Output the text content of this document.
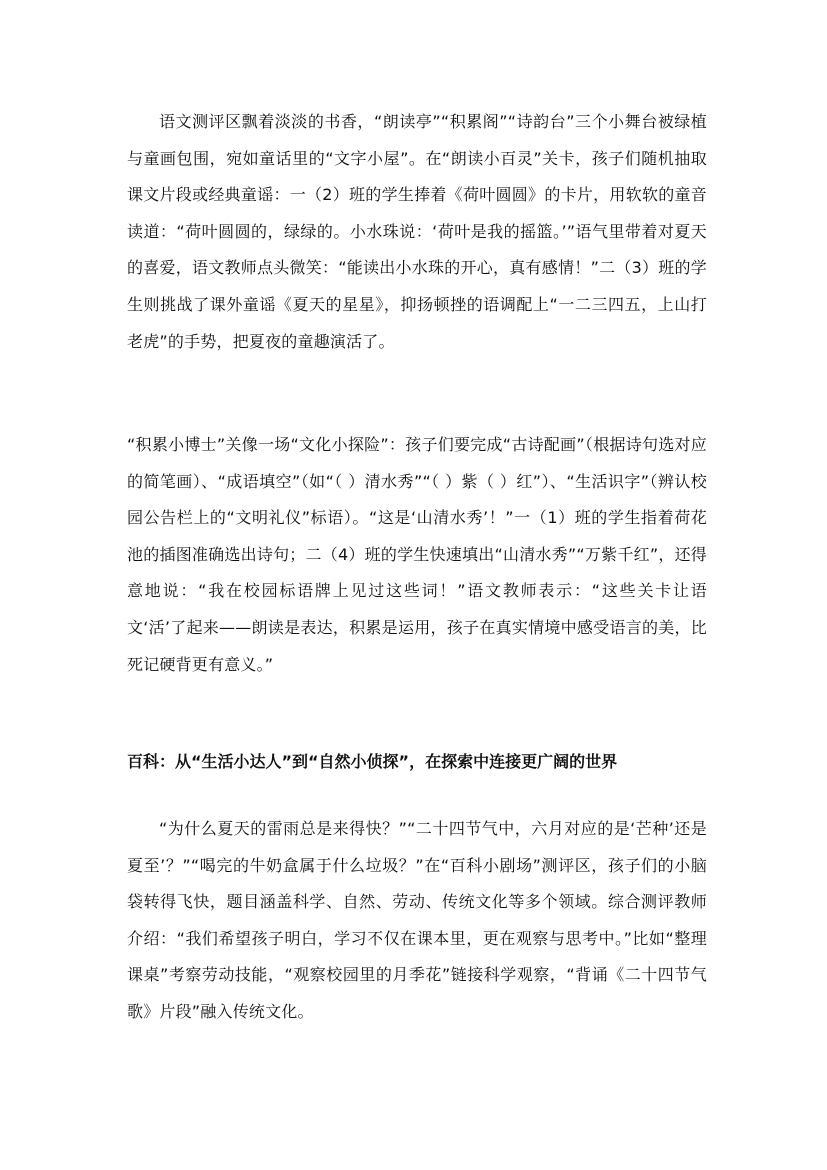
语文测评区飘着淡淡的书香，“朗读亭”“积累阁”“诗韵台”三个小舞台被绿植与童画包围，宛如童话里的“文字小屋”。在“朗读小百灵”关卡，孩子们随机抽取课文片段或经典童谣：一（2）班的学生捧着《荷叶圆圆》的卡片，用软软的童音读道：“荷叶圆圆的，绿绿的。小水珠说：‘荷叶是我的摇篮。’”语气里带着对夏天的喜爱，语文教师点头微笑：“能读出小水珠的开心，真有感情！”二（3）班的学生则挑战了课外童谣《夏天的星星》，抑扬顿挫的语调配上“一二三四五，上山打老虎”的手势，把夏夜的童趣演活了。

“积累小博士”关像一场“文化小探险”：孩子们要完成“古诗配画”（根据诗句选对应的简笔画）、“成语填空”（如“（ ）清水秀”“（ ）紫（ ）红”）、“生活识字”（辨认校园公告栏上的“文明礼仪”标语）。“这是‘山清水秀’！”一（1）班的学生指着荷花池的插图准确选出诗句；二（4）班的学生快速填出“山清水秀”“万紫千红”，还得意地说：“我在校园标语牌上见过这些词！”语文教师表示：“这些关卡让语文‘活’了起来——朗读是表达，积累是运用，孩子在真实情境中感受语言的美，比死记硬背更有意义。”

百科：从“生活小达人”到“自然小侦探”，在探索中连接更广阔的世界

“为什么夏天的雷雨总是来得快？”“二十四节气中，六月对应的是‘芒种’还是夏至’？”“喝完的牛奶盒属于什么垃圾？”在“百科小剧场”测评区，孩子们的小脑袋转得飞快，题目涵盖科学、自然、劳动、传统文化等多个领域。综合测评教师介绍：“我们希望孩子明白，学习不仅在课本里，更在观察与思考中。”比如“整理课桌”考察劳动技能，“观察校园里的月季花”链接科学观察，“背诵《二十四节气歌》片段”融入传统文化。
